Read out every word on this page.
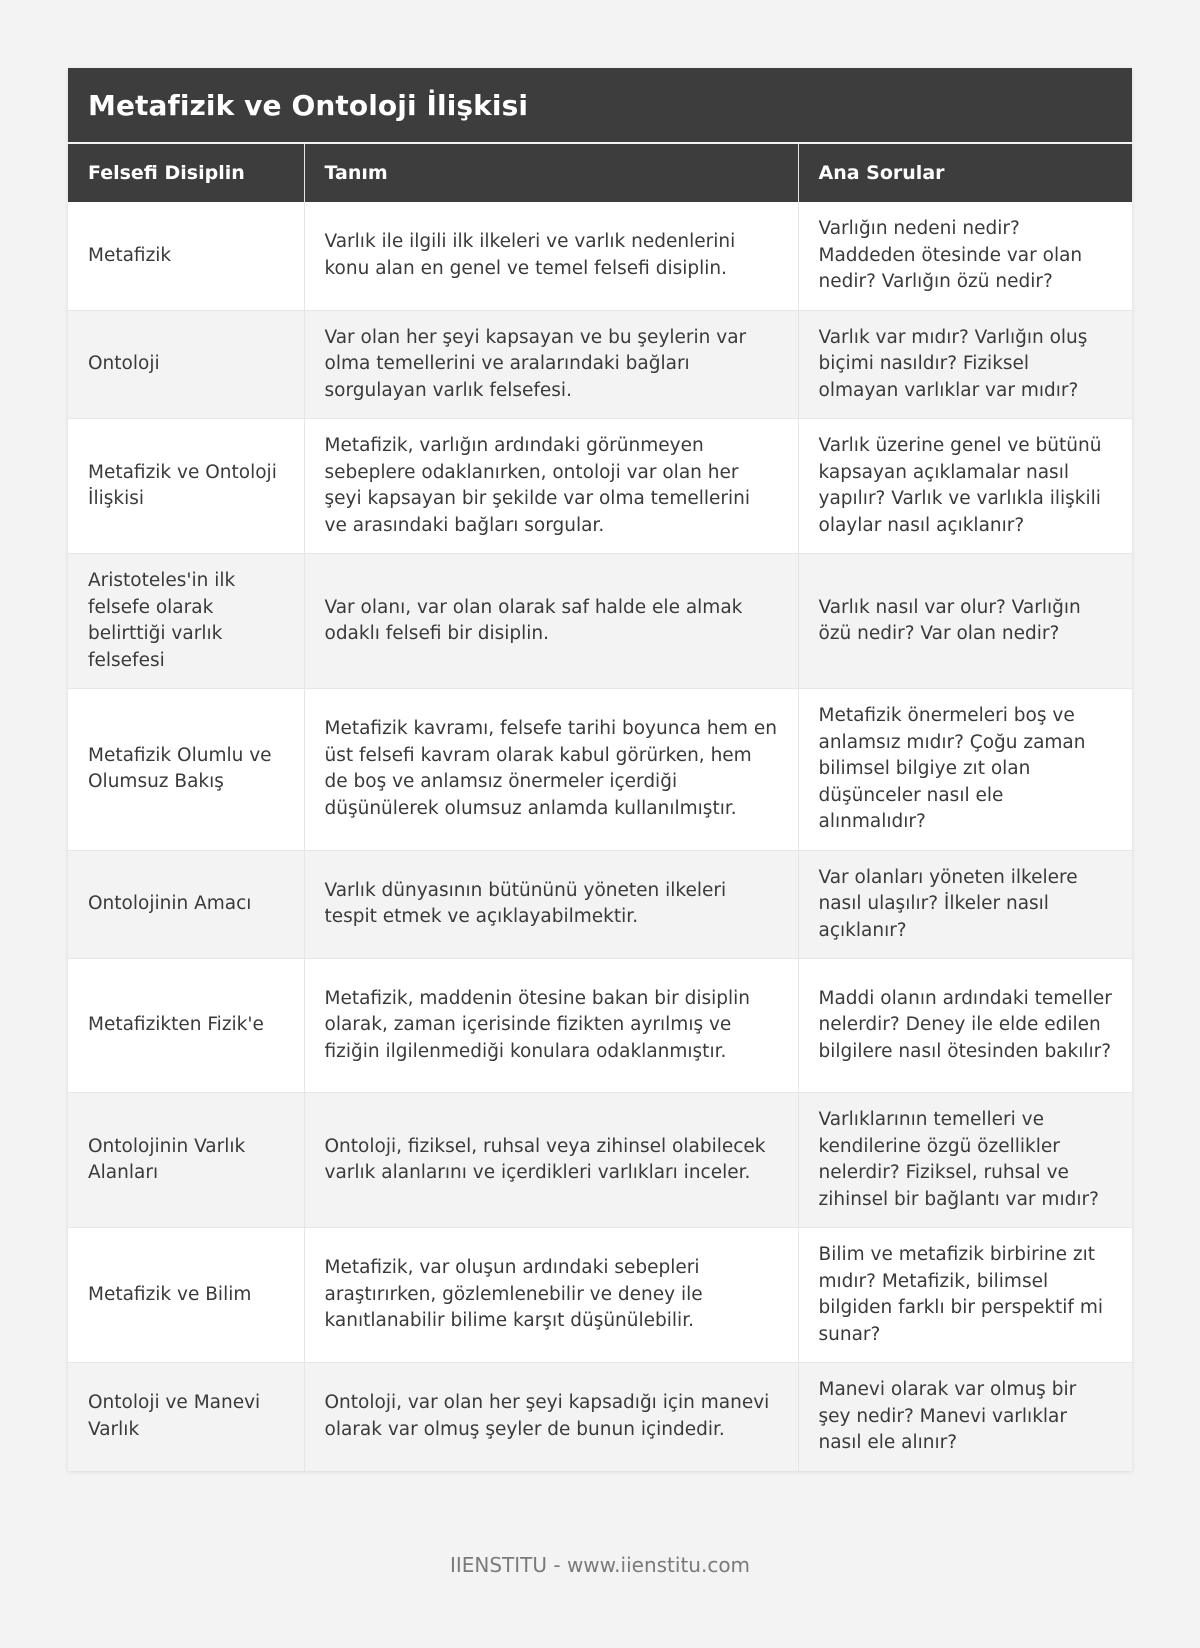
Metafizik ve Ontoloji İlişkisi
Felsefi Disiplin	Tanım	Ana Sorular
Metafizik	Varlık ile ilgili ilk ilkeleri ve varlık nedenlerini konu alan en genel ve temel felsefi disiplin.	Varlığın nedeni nedir? Maddeden ötesinde var olan nedir? Varlığın özü nedir?
Ontoloji	Var olan her şeyi kapsayan ve bu şeylerin var olma temellerini ve aralarındaki bağları sorgulayan varlık felsefesi.	Varlık var mıdır? Varlığın oluş biçimi nasıldır? Fiziksel olmayan varlıklar var mıdır?
Metafizik ve Ontoloji İlişkisi	Metafizik, varlığın ardındaki görünmeyen sebeplere odaklanırken, ontoloji var olan her şeyi kapsayan bir şekilde var olma temellerini ve arasındaki bağları sorgular.	Varlık üzerine genel ve bütünü kapsayan açıklamalar nasıl yapılır? Varlık ve varlıkla ilişkili olaylar nasıl açıklanır?
Aristoteles'in ilk felsefe olarak belirttiği varlık felsefesi	Var olanı, var olan olarak saf halde ele almak odaklı felsefi bir disiplin.	Varlık nasıl var olur? Varlığın özü nedir? Var olan nedir?
Metafizik Olumlu ve Olumsuz Bakış	Metafizik kavramı, felsefe tarihi boyunca hem en üst felsefi kavram olarak kabul görürken, hem de boş ve anlamsız önermeler içerdiği düşünülerek olumsuz anlamda kullanılmıştır.	Metafizik önermeleri boş ve anlamsız mıdır? Çoğu zaman bilimsel bilgiye zıt olan düşünceler nasıl ele alınmalıdır?
Ontolojinin Amacı	Varlık dünyasının bütününü yöneten ilkeleri tespit etmek ve açıklayabilmektir.	Var olanları yöneten ilkelere nasıl ulaşılır? İlkeler nasıl açıklanır?
Metafizikten Fizik'e	Metafizik, maddenin ötesine bakan bir disiplin olarak, zaman içerisinde fizikten ayrılmış ve fiziğin ilgilenmediği konulara odaklanmıştır.	Maddi olanın ardındaki temeller nelerdir? Deney ile elde edilen bilgilere nasıl ötesinden bakılır?
Ontolojinin Varlık Alanları	Ontoloji, fiziksel, ruhsal veya zihinsel olabilecek varlık alanlarını ve içerdikleri varlıkları inceler.	Varlıklarının temelleri ve kendilerine özgü özellikler nelerdir? Fiziksel, ruhsal ve zihinsel bir bağlantı var mıdır?
Metafizik ve Bilim	Metafizik, var oluşun ardındaki sebepleri araştırırken, gözlemlenebilir ve deney ile kanıtlanabilir bilime karşıt düşünülebilir.	Bilim ve metafizik birbirine zıt mıdır? Metafizik, bilimsel bilgiden farklı bir perspektif mi sunar?
Ontoloji ve Manevi Varlık	Ontoloji, var olan her şeyi kapsadığı için manevi olarak var olmuş şeyler de bunun içindedir.	Manevi olarak var olmuş bir şey nedir? Manevi varlıklar nasıl ele alınır?
IIENSTITU - www.iienstitu.com
